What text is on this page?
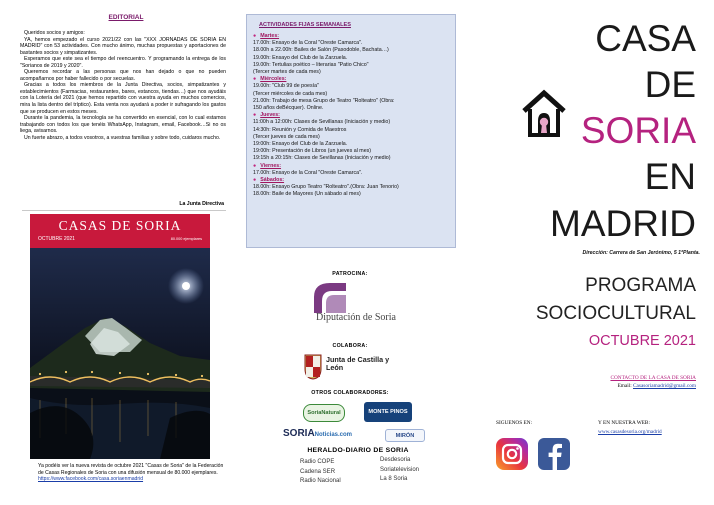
EDITORIAL

Queridos socios y amigos:

YA, hemos empezado el curso 2021/22 con las "XXX JORNADAS DE SORIA EN MADRID" con 53 actividades. Con mucho ánimo, muchas propuestas y aportaciones de bastantes socios y simpatizantes.

Esperamos que este sea el tiempo del reencuentro. Y programando la entrega de los "Sorianos de 2019 y 2020".

Queremos recordar a las personas que nos han dejado o que no pueden acompañarnos por haber fallecido o por secuelas.

Gracias a todos los miembros de la Junta Directiva, socios, simpatizantes y establecimientos (Farmacias, restaurantes, bares, estancos, tiendas…) que nos ayudáis con la Lotería del 2021 (que hemos repartido con vuestra ayuda en muchos comercios, mira la lista dentro del tríptico). Esta venta nos ayudará a poder ir sufragando los gastos que se producen en estos meses.

Durante la pandemia, la tecnología se ha convertido en esencial, con lo cual estamos trabajando con todos los que tenéis WhatsApp, Instagram, email, Facebook…Si no os liega, avisarnos.

Un fuerte abrazo, a todos vosotros, a vuestras familias y sobre todo, cuidaros mucho.

La Junta Directiva
CASAS DE SORIA
OCTUBRE 2021	80.000 ejemplares
Ya podéis ver la nueva revista de octubre 2021 "Casas de Soria" de la Federación de Casas Regionales de Soria con una difusión mensual de 80.000 ejemplares.
https://www.facebook.com/casa.soriaenmadrid
ACTIVIDADES FIJAS SEMANALES
● Martes:
17.00h: Ensayo de la Coral "Oreste Camarca".
18.00h a 22.00h: Bailes de Salón (Pasodoble, Bachata…)
19.00h: Ensayo del Club de la Zarzuela.
19.00h: Tertulias poético – literarias "Patio Chico"
(Tercer martes de cada mes)
● Miércoles:
19.00h: "Club 99 de poesía"
(Tercer miércoles de cada mes)
21.00h: Trabajo de mesa Grupo de Teatro "Rolteatro" (Obra:
150 años deBécquer). Online.
● Jueves:
11:00h a 12:00h: Clases de Sevillanas (Iniciación y medio)
14:30h: Reunión y Comida de Maestros
(Tercer jueves de cada mes)
19:00h: Ensayo del Club de la Zarzuela.
19:00h: Presentación de Libros (un jueves al mes)
19:15h a 20:15h: Clases de Sevillanas (Iniciación y medio)
● Viernes:
17.00h: Ensayo de la Coral "Oreste Camarca".
● Sábados:
18.00h: Ensayo Grupo Teatro "Rolteatro".(Obra: Juan Tenorio)
18.00h: Baile de Mayores (Un sábado al mes)
PATROCINA:
Diputación de Soria
COLABORA:
Junta de Castilla y León
OTROS COLABORADORES:
SoriaNatural	MONTE PINOS
SORIANoticias.com	MIRÓN
HERALDO-DIARIO DE SORIA
Radio COPE
Cadena SER
Radio Nacional
Desdesoria
Soriatelevision
La 8 Soria
CASA
DE
SORIA
EN
MADRID
Dirección: Carrera de San Jerónimo, 5 1ªPlanta.
PROGRAMA
SOCIOCULTURAL
OCTUBRE 2021
CONTACTO DE LA CASA DE SORIA
Email: Casasoriamadrid@gmail.com
SIGUENOS EN:	Y EN NUESTRA WEB:
www.casasdesoria.org/madrid
